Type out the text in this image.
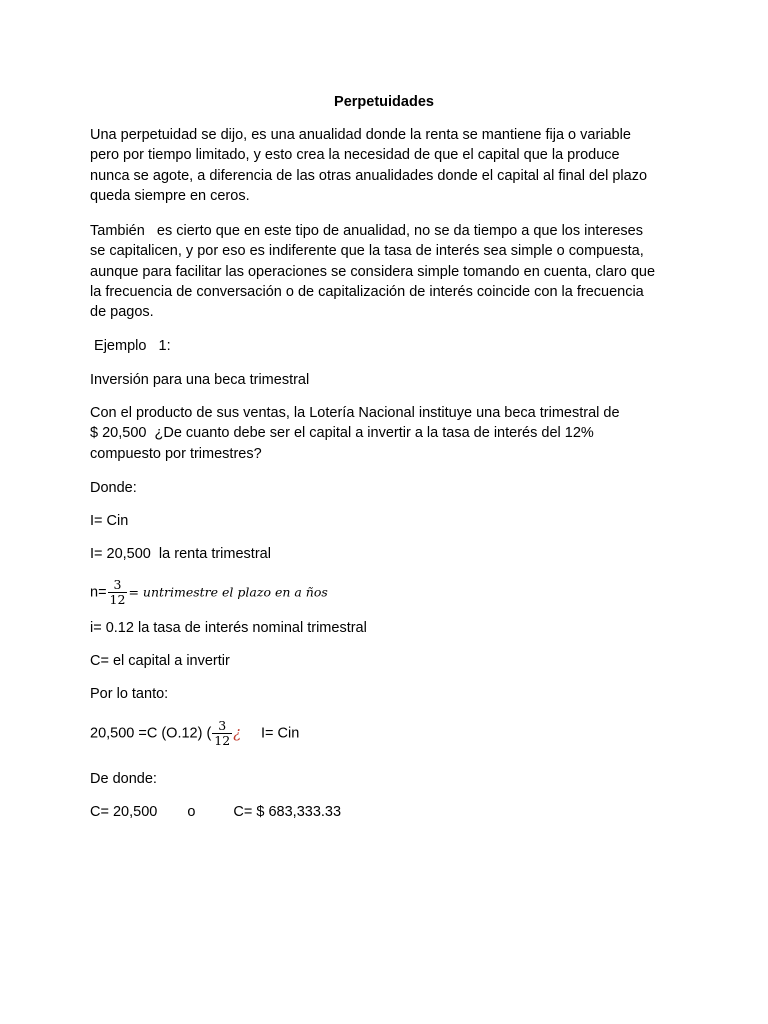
Perpetuidades
Una perpetuidad se dijo, es una anualidad donde la renta se mantiene fija o variable
pero por tiempo limitado, y esto crea la necesidad de que el capital que la produce
nunca se agote, a diferencia de las otras anualidades donde el capital al final del plazo
queda siempre en ceros.
También   es cierto que en este tipo de anualidad, no se da tiempo a que los intereses
se capitalicen, y por eso es indiferente que la tasa de interés sea simple o compuesta,
aunque para facilitar las operaciones se considera simple tomando en cuenta, claro que
la frecuencia de conversación o de capitalización de interés coincide con la frecuencia
de pagos.
Ejemplo   1:
Inversión para una beca trimestral
Con el producto de sus ventas, la Lotería Nacional instituye una beca trimestral de
$ 20,500  ¿De cuanto debe ser el capital a invertir a la tasa de interés del 12%
compuesto por trimestres?
Donde:
I= Cin
I= 20,500  la renta trimestral
$n= \frac{3}{12}$ = untrimestre el plazo en a ños
i= 0.12 la tasa de interés nominal trimestral
C= el capital a invertir
Por lo tanto:
20,500 =C (O.12) ( $\frac{3}{12}$ ¿ I= Cin
De donde:
C= 20,500 o	C= $ 683,333.33
